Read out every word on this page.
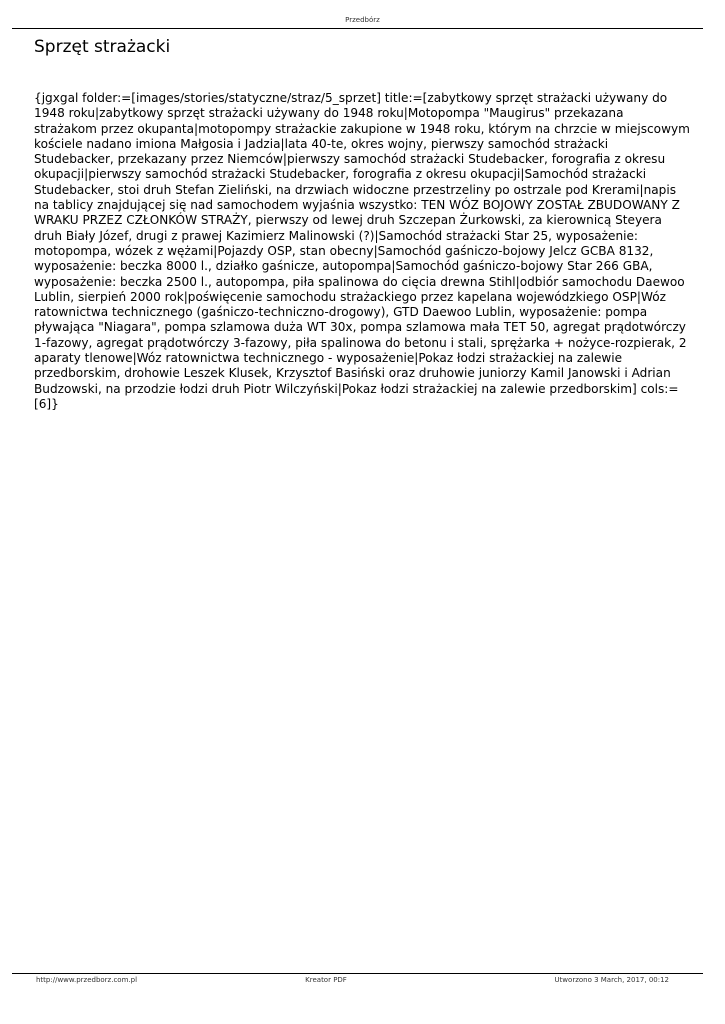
Przedbórz
Sprzęt strażacki

{jgxgal folder:=[images/stories/statyczne/straz/5_sprzet] title:=[zabytkowy sprzęt strażacki używany do 1948 roku|zabytkowy sprzęt strażacki używany do 1948 roku|Motopompa "Maugirus" przekazana strażakom przez okupanta|motopompy strażackie zakupione w 1948 roku, którym na chrzcie w miejscowym kościele nadano imiona Małgosia i Jadzia|lata 40-te, okres wojny, pierwszy samochód strażacki Studebacker, przekazany przez Niemców|pierwszy samochód strażacki Studebacker, forografia z okresu okupacji|pierwszy samochód strażacki Studebacker, forografia z okresu okupacji|Samochód strażacki Studebacker, stoi druh Stefan Zieliński, na drzwiach widoczne przestrzeliny po ostrzale pod Krerami|napis na tablicy znajdującej się nad samochodem wyjaśnia wszystko: TEN WÓZ BOJOWY ZOSTAŁ ZBUDOWANY Z WRAKU PRZEZ CZŁONKÓW STRAŻY, pierwszy od lewej druh Szczepan Żurkowski, za kierownicą Steyera druh Biały Józef, drugi z prawej Kazimierz Malinowski (?)|Samochód strażacki Star 25, wyposażenie: motopompa, wózek z wężami|Pojazdy OSP, stan obecny|Samochód gaśniczo-bojowy Jelcz GCBA 8132, wyposażenie: beczka 8000 l., działko gaśnicze, autopompa|Samochód gaśniczo-bojowy Star 266 GBA, wyposażenie: beczka 2500 l., autopompa, piła spalinowa do cięcia drewna Stihl|odbiór samochodu Daewoo Lublin, sierpień 2000 rok|poświęcenie samochodu strażackiego przez kapelana wojewódzkiego OSP|Wóz ratownictwa technicznego (gaśniczo-techniczno-drogowy), GTD Daewoo Lublin, wyposażenie: pompa pływająca "Niagara", pompa szlamowa duża WT 30x, pompa szlamowa mała TET 50, agregat prądotwórczy 1-fazowy, agregat prądotwórczy 3-fazowy, piła spalinowa do betonu i stali, sprężarka + nożyce-rozpierak, 2 aparaty tlenowe|Wóz ratownictwa technicznego - wyposażenie|Pokaz łodzi strażackiej na zalewie przedborskim, drohowie Leszek Klusek, Krzysztof Basiński oraz druhowie juniorzy Kamil Janowski i Adrian Budzowski, na przodzie łodzi druh Piotr Wilczyński|Pokaz łodzi strażackiej na zalewie przedborskim] cols:=[6]}

http://www.przedborz.com.pl	Kreator PDF	Utworzono 3 March, 2017, 00:12
